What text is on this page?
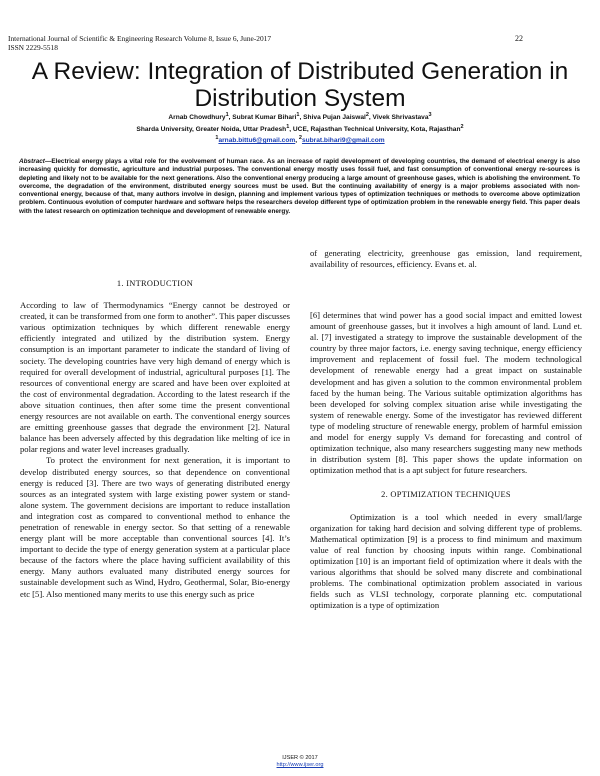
International Journal of Scientific & Engineering Research Volume 8, Issue 6, June-2017
ISSN 2229-5518
22
A Review: Integration of Distributed Generation in
Distribution System
Arnab Chowdhury$^1$, Subrat Kumar Bihari$^1$, Shiva Pujan Jaiswal$^2$, Vivek Shrivastava$^3$
Sharda University, Greater Noida, Uttar Pradesh$^1$, UCE, Rajasthan Technical University, Kota, Rajasthan$^2$
$^1$arnab.bittu6@gmail.com, $^2$subrat.bihari9@gmail.com
Abstract—Electrical energy plays a vital role for the evolvement of human race. As an increase of rapid development of developing countries, the demand of electrical energy is also increasing quickly for domestic, agriculture and industrial purposes. The conventional energy mostly uses fossil fuel, and fast consumption of conventional energy re-sources is depleting and likely not to be available for the next generations. Also the conventional energy producing a large amount of greenhouse gases, which is abolishing the environment. To overcome, the degradation of the environment, distributed energy sources must be used. But the continuing availability of energy is a major problems associated with non-conventional energy, because of that, many authors involve in design, planning and implement various types of optimization techniques or methods to overcome above optimization problem. Continuous evolution of computer hardware and software helps the researchers develop different type of optimization problem in the renewable energy field. This paper deals with the latest research on optimization technique and development of renewable energy.

1. INTRODUCTION

According to law of Thermodynamics “Energy cannot be destroyed or created, it can be transformed from one form to another”. This paper discusses various optimization techniques by which different renewable energy efficiently integrated and utilized by the distribution system. Energy consumption is an important parameter to indicate the standard of living of society. The developing countries have very high demand of energy which is required for overall development of industrial, agricultural purposes [1]. The resources of conventional energy are scared and have been over exploited at the cost of environmental degradation. According to the latest research if the above situation continues, then after some time the present conventional energy resources are not available on earth. The conventional energy sources are emitting greenhouse gasses that degrade the environment [2]. Natural balance has been adversely affected by this degradation like melting of ice in polar regions and water level increases gradually.

To protect the environment for next generation, it is important to develop distributed energy sources, so that dependence on conventional energy is reduced [3]. There are two ways of generating distributed energy sources as an integrated system with large existing power system or stand-alone system. The government decisions are important to reduce installation and integration cost as compared to conventional method to enhance the penetration of renewable in energy sector. So that setting of a renewable energy plant will be more acceptable than conventional sources [4]. It’s important to decide the type of energy generation system at a particular place because of the factors where the place having sufficient availability of this energy. Many authors evaluated many distributed energy sources for sustainable development such as Wind, Hydro, Geothermal, Solar, Bio-energy etc [5]. Also mentioned many merits to use this energy such as price

of generating electricity, greenhouse gas emission, land requirement, availability of resources, efficiency. Evans et. al.

[6] determines that wind power has a good social impact and emitted lowest amount of greenhouse gasses, but it involves a high amount of land. Lund et. al. [7] investigated a strategy to improve the sustainable development of the country by three major factors, i.e. energy saving technique, energy efficiency improvement and replacement of fossil fuel. The modern technological development of renewable energy had a great impact on sustainable development and has given a solution to the common environmental problem faced by the human being. The Various suitable optimization algorithms has been developed for solving complex situation arise while investigating the system of renewable energy. Some of the investigator has reviewed different type of modeling structure of renewable energy, problem of harmful emission and model for energy supply Vs demand for forecasting and control of optimization technique, also many researchers suggesting many new methods in distribution system [8]. This paper shows the update information on optimization method that is a apt subject for future researchers.

2. OPTIMIZATION TECHNIQUES

Optimization is a tool which needed in every small/large organization for taking hard decision and solving different type of problems. Mathematical optimization [9] is a process to find minimum and maximum value of real function by choosing inputs within range. Combinational optimization [10] is an important field of optimization where it deals with the various algorithms that should be solved many discrete and combinational problems. The combinational optimization problem associated in various fields such as VLSI technology, corporate planning etc. computational optimization is a type of optimization

IJSER © 2017
http://www.ijser.org
